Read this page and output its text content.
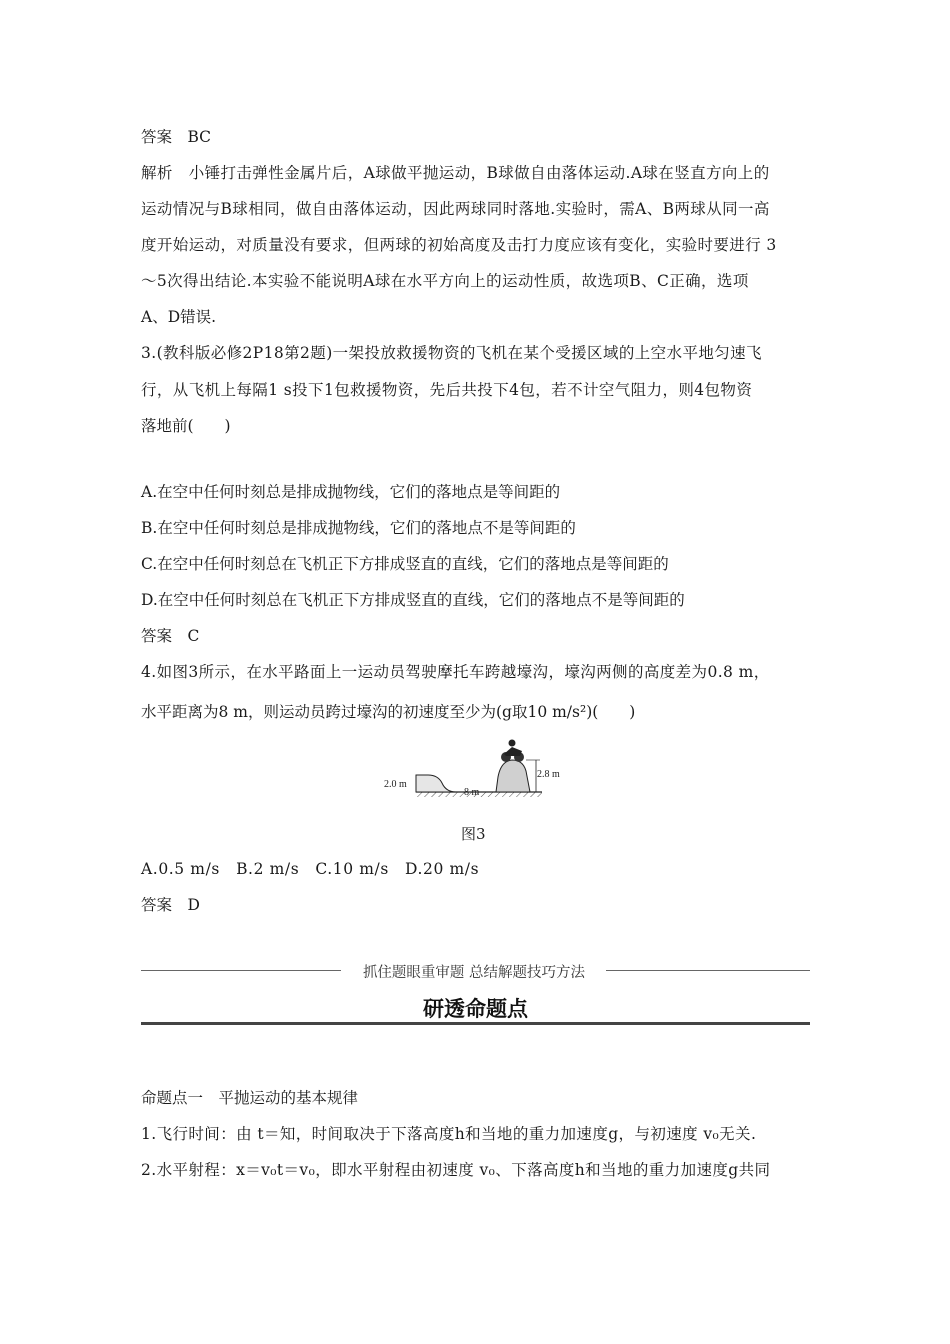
答案　BC
解析　小锤打击弹性金属片后，A球做平抛运动，B球做自由落体运动.A球在竖直方向上的
运动情况与B球相同，做自由落体运动，因此两球同时落地.实验时，需A、B两球从同一高
度开始运动，对质量没有要求，但两球的初始高度及击打力度应该有变化，实验时要进行 3
～5次得出结论.本实验不能说明A球在水平方向上的运动性质，故选项B、C正确，选项
A、D错误.
3.(教科版必修2P18第2题)一架投放救援物资的飞机在某个受援区域的上空水平地匀速飞
行，从飞机上每隔1 s投下1包救援物资，先后共投下4包，若不计空气阻力，则4包物资
落地前(　　)
A.在空中任何时刻总是排成抛物线，它们的落地点是等间距的
B.在空中任何时刻总是排成抛物线，它们的落地点不是等间距的
C.在空中任何时刻总在飞机正下方排成竖直的直线，它们的落地点是等间距的
D.在空中任何时刻总在飞机正下方排成竖直的直线，它们的落地点不是等间距的
答案　C
4.如图3所示，在水平路面上一运动员驾驶摩托车跨越壕沟，壕沟两侧的高度差为0.8 m，
水平距离为8 m，则运动员跨过壕沟的初速度至少为(g取10 m/s²)(　　)
2.0 m
8 m
2.8 m
图3
A.0.5 m/s　B.2 m/s　C.10 m/s　D.20 m/s
答案　D
抓住题眼重审题 总结解题技巧方法
研透命题点
命题点一　平抛运动的基本规律
1.飞行时间：由 t＝知，时间取决于下落高度h和当地的重力加速度g，与初速度 v₀无关.
2.水平射程：x＝v₀t＝v₀，即水平射程由初速度 v₀、下落高度h和当地的重力加速度g共同
